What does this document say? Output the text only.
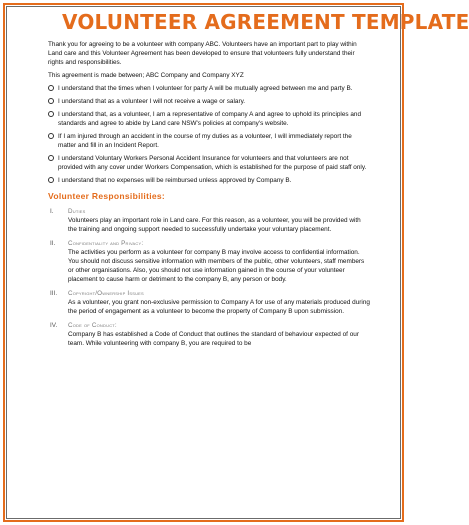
VOLUNTEER AGREEMENT TEMPLATE

Thank you for agreeing to be a volunteer with company ABC. Volunteers have an important part to play within Land care and this Volunteer Agreement has been developed to ensure that volunteers fully understand their rights and responsibilities.

This agreement is made between; ABC Company and Company XYZ

I understand that the times when I volunteer for party A will be mutually agreed between me and party B.

I understand that as a volunteer I will not receive a wage or salary.

I understand that, as a volunteer, I am a representative of company A and agree to uphold its principles and standards and agree to abide by Land care NSW's policies at company's website.

If I am injured through an accident in the course of my duties as a volunteer, I will immediately report the matter and fill in an Incident Report.

I understand Voluntary Workers Personal Accident Insurance for volunteers and that volunteers are not provided with any cover under Workers Compensation, which is established for the purpose of paid staff only.

I understand that no expenses will be reimbursed unless approved by Company B.

Volunteer Responsibilities:
I.	Duties

Volunteers play an important role in Land care. For this reason, as a volunteer, you will be provided with the training and ongoing support needed to successfully undertake your voluntary placement.

II.	Confidentiality and Privacy:

The activities you perform as a volunteer for company B may involve access to confidential information. You should not discuss sensitive information with members of the public, other volunteers, staff members or other organisations. Also, you should not use information gained in the course of your volunteer placement to cause harm or detriment to the company B, any person or body.

III.	Copyright/Ownership Issues

As a volunteer, you grant non-exclusive permission to Company A for use of any materials produced during the period of engagement as a volunteer to become the property of Company B upon submission.

IV.	Code of Conduct:

Company B has established a Code of Conduct that outlines the standard of behaviour expected of our team. While volunteering with company B, you are required to be
